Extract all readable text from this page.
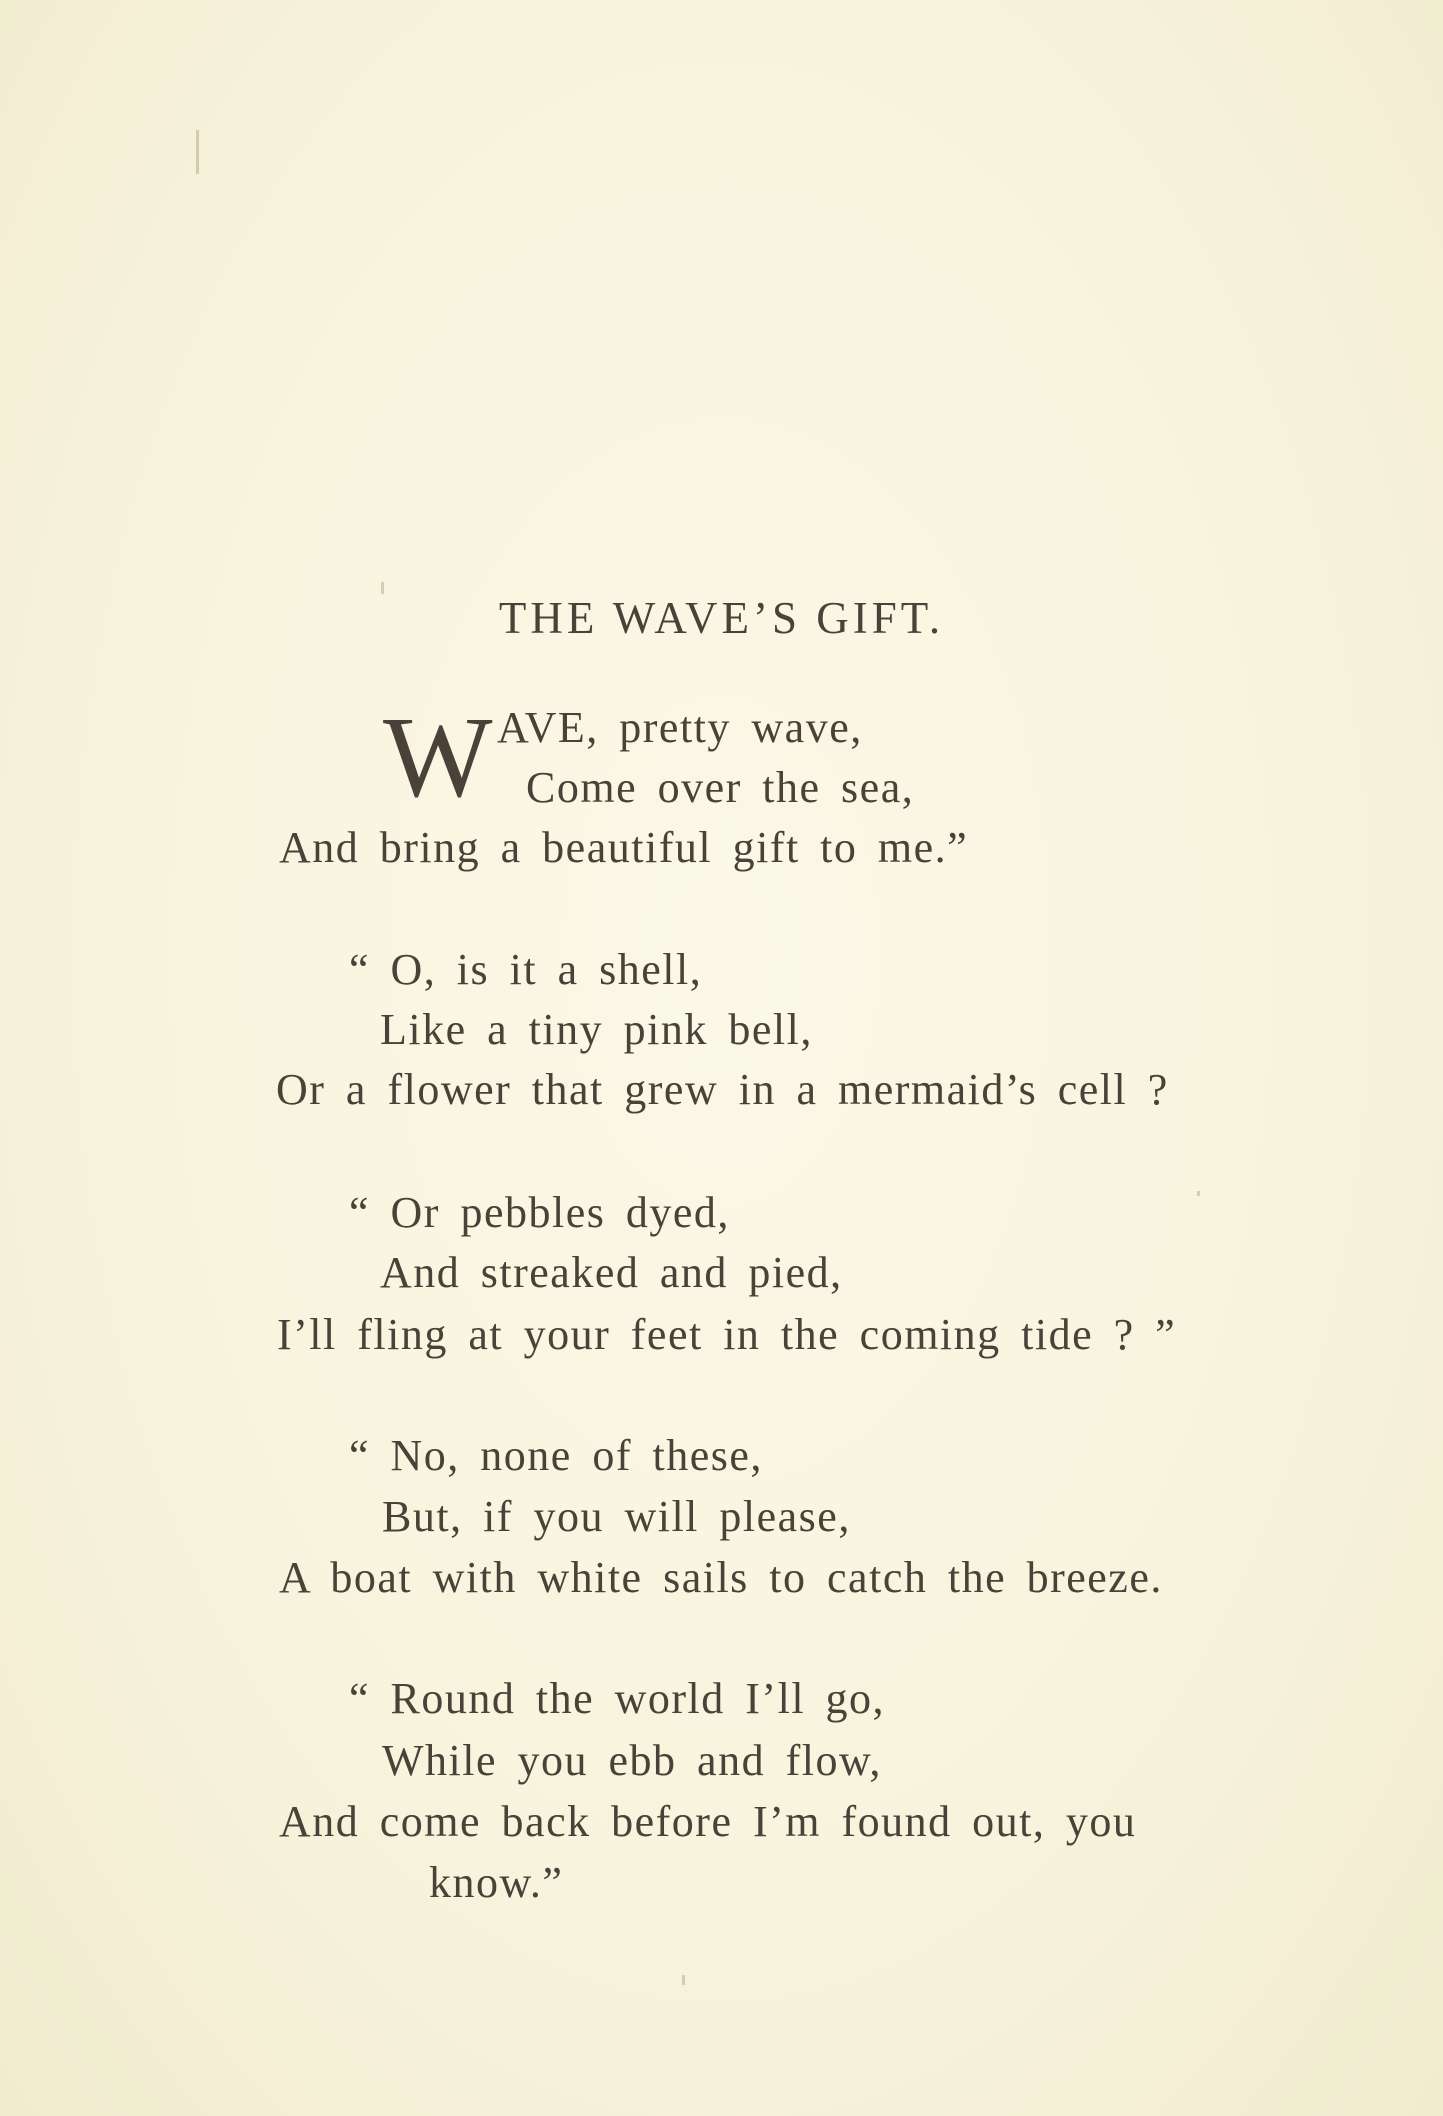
THE WAVE’S GIFT.
W AVE, pretty wave,
Come over the sea,
And bring a beautiful gift to me.”
“ O, is it a shell,
Like a tiny pink bell,
Or a flower that grew in a mermaid’s cell ?
“ Or pebbles dyed,
And streaked and pied,
I’ll fling at your feet in the coming tide ? ”
“ No, none of these,
But, if you will please,
A boat with white sails to catch the breeze.
“ Round the world I’ll go,
While you ebb and flow,
And come back before I’m found out, you
know.”
